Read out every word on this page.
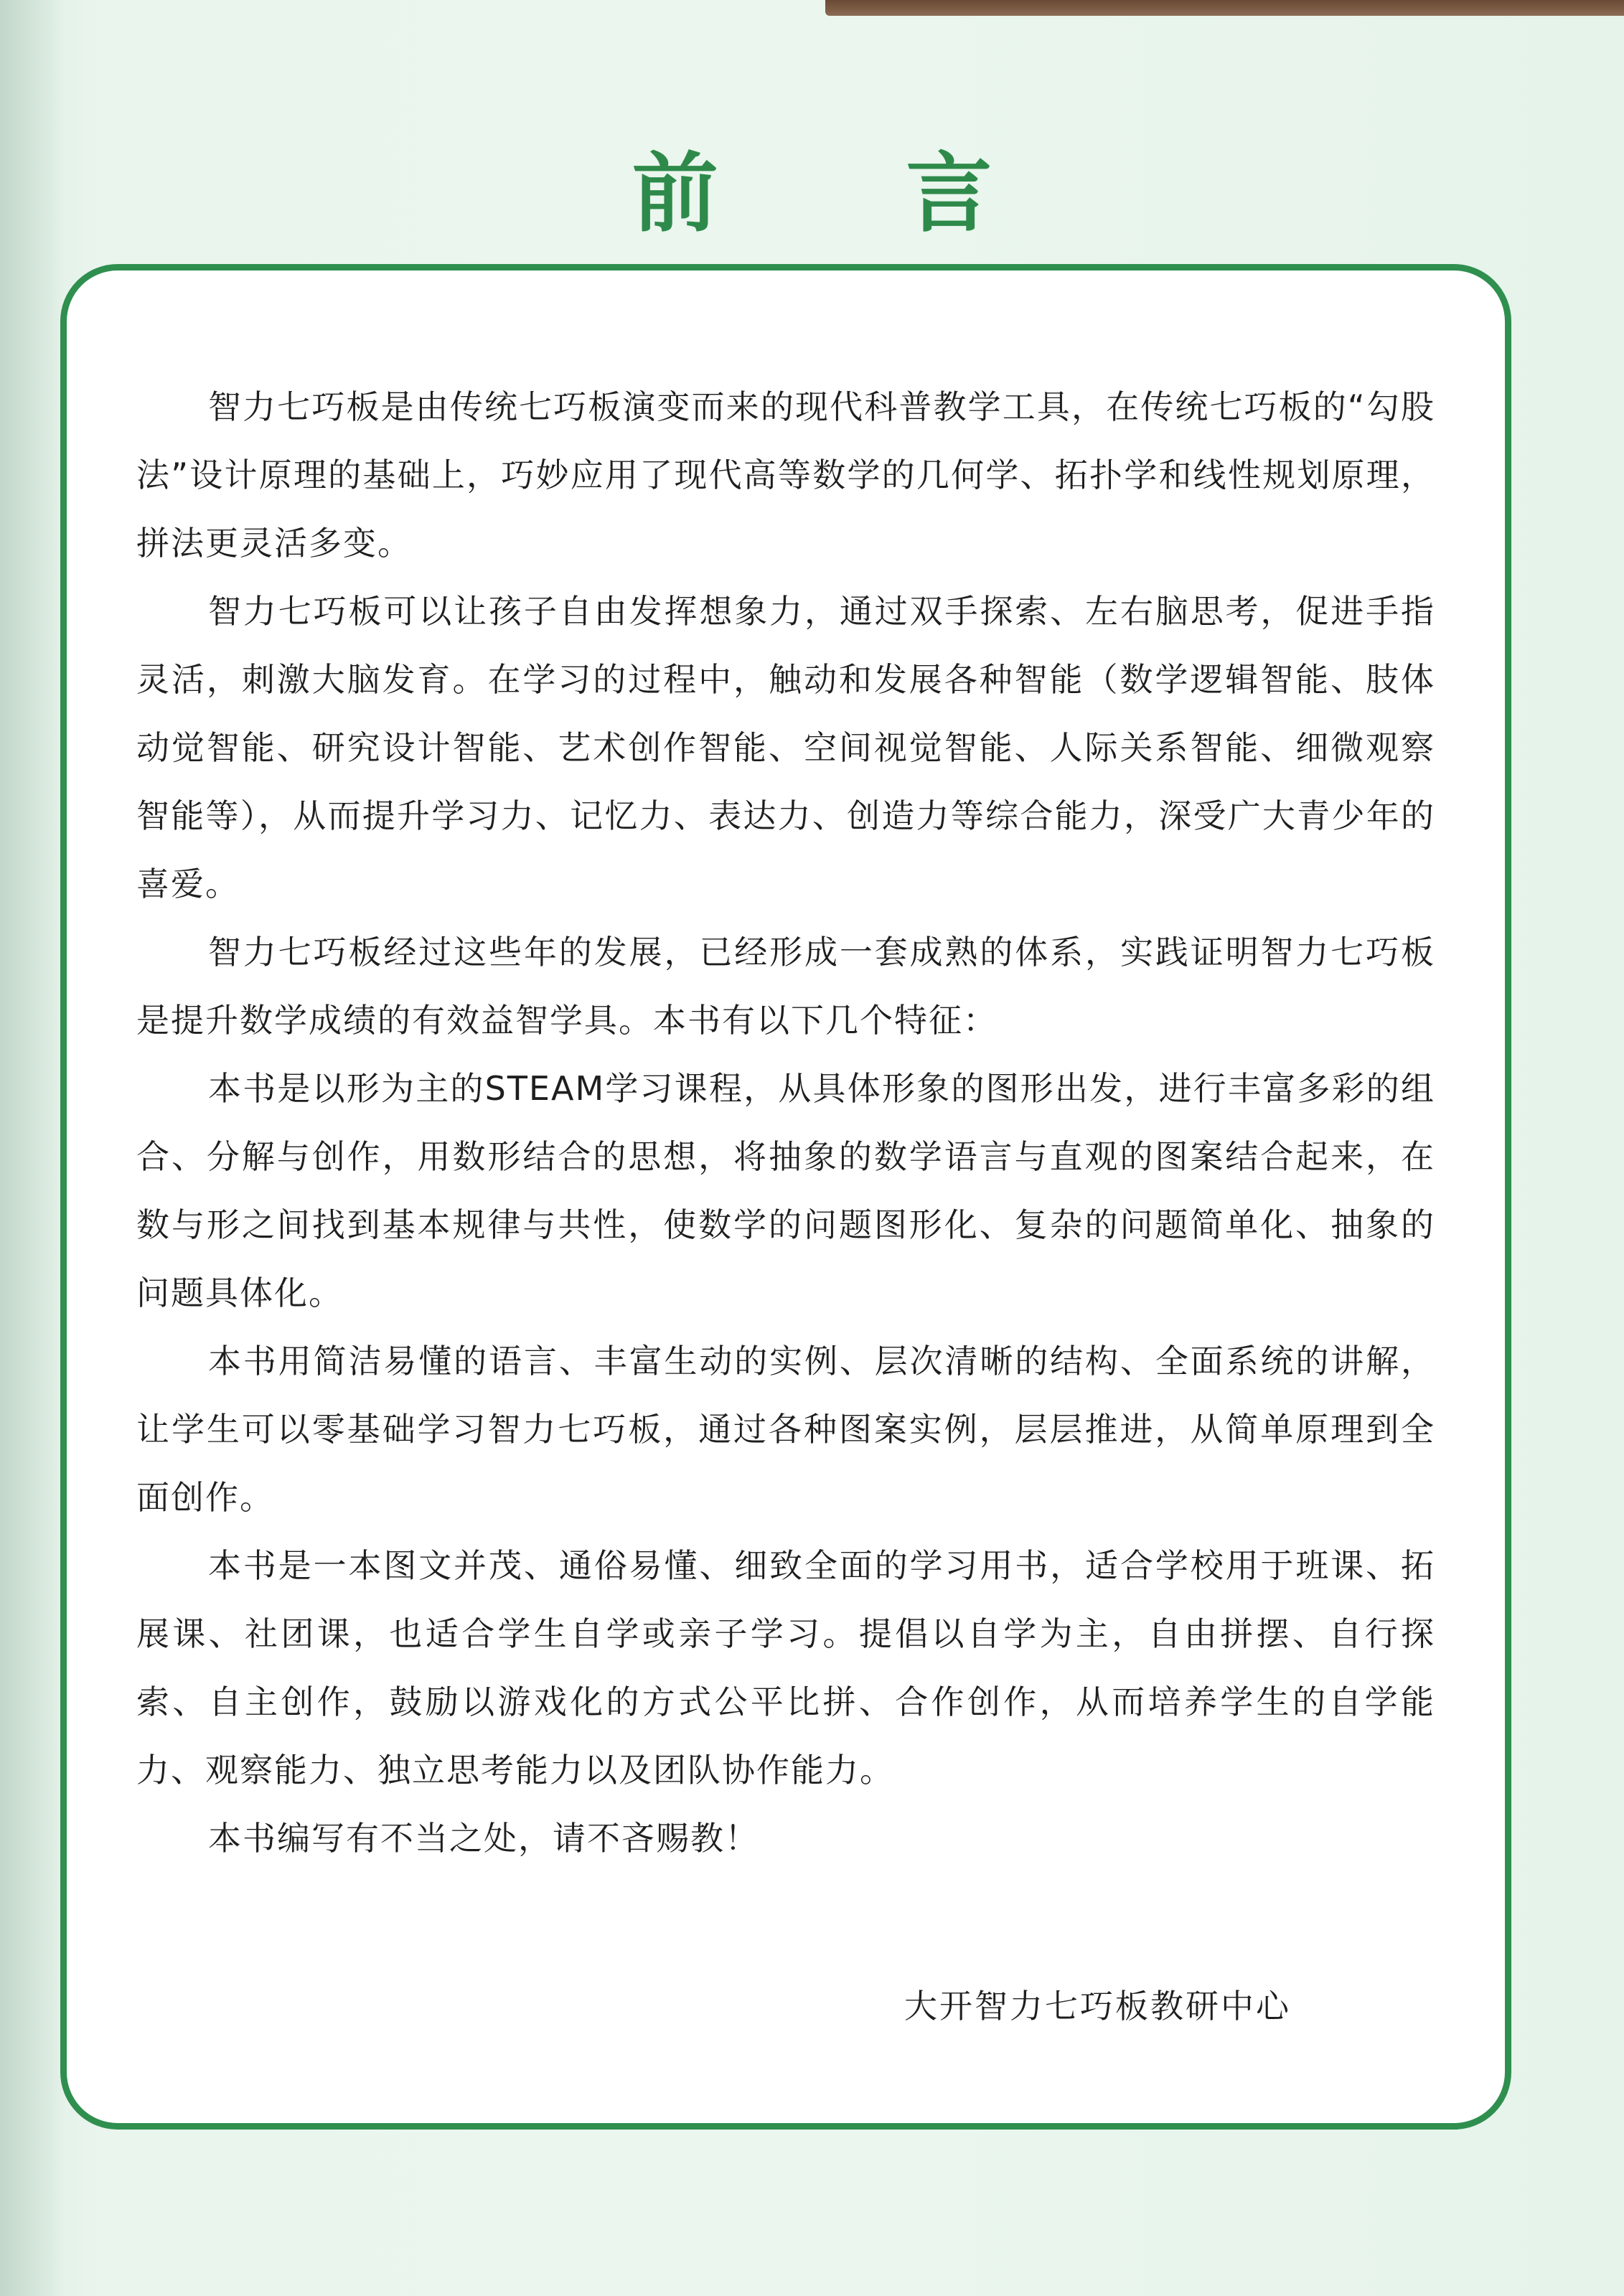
前 言

智力七巧板是由传统七巧板演变而来的现代科普教学工具，在传统七巧板的“勾股法”设计原理的基础上，巧妙应用了现代高等数学的几何学、拓扑学和线性规划原理，拼法更灵活多变。

智力七巧板可以让孩子自由发挥想象力，通过双手探索、左右脑思考，促进手指灵活，刺激大脑发育。在学习的过程中，触动和发展各种智能（数学逻辑智能、肢体动觉智能、研究设计智能、艺术创作智能、空间视觉智能、人际关系智能、细微观察智能等），从而提升学习力、记忆力、表达力、创造力等综合能力，深受广大青少年的喜爱。

智力七巧板经过这些年的发展，已经形成一套成熟的体系，实践证明智力七巧板是提升数学成绩的有效益智学具。本书有以下几个特征：

本书是以形为主的STEAM学习课程，从具体形象的图形出发，进行丰富多彩的组合、分解与创作，用数形结合的思想，将抽象的数学语言与直观的图案结合起来，在数与形之间找到基本规律与共性，使数学的问题图形化、复杂的问题简单化、抽象的问题具体化。

本书用简洁易懂的语言、丰富生动的实例、层次清晰的结构、全面系统的讲解，让学生可以零基础学习智力七巧板，通过各种图案实例，层层推进，从简单原理到全面创作。

本书是一本图文并茂、通俗易懂、细致全面的学习用书，适合学校用于班课、拓展课、社团课，也适合学生自学或亲子学习。提倡以自学为主，自由拼摆、自行探索、自主创作，鼓励以游戏化的方式公平比拼、合作创作，从而培养学生的自学能力、观察能力、独立思考能力以及团队协作能力。

本书编写有不当之处，请不吝赐教！

大开智力七巧板教研中心
